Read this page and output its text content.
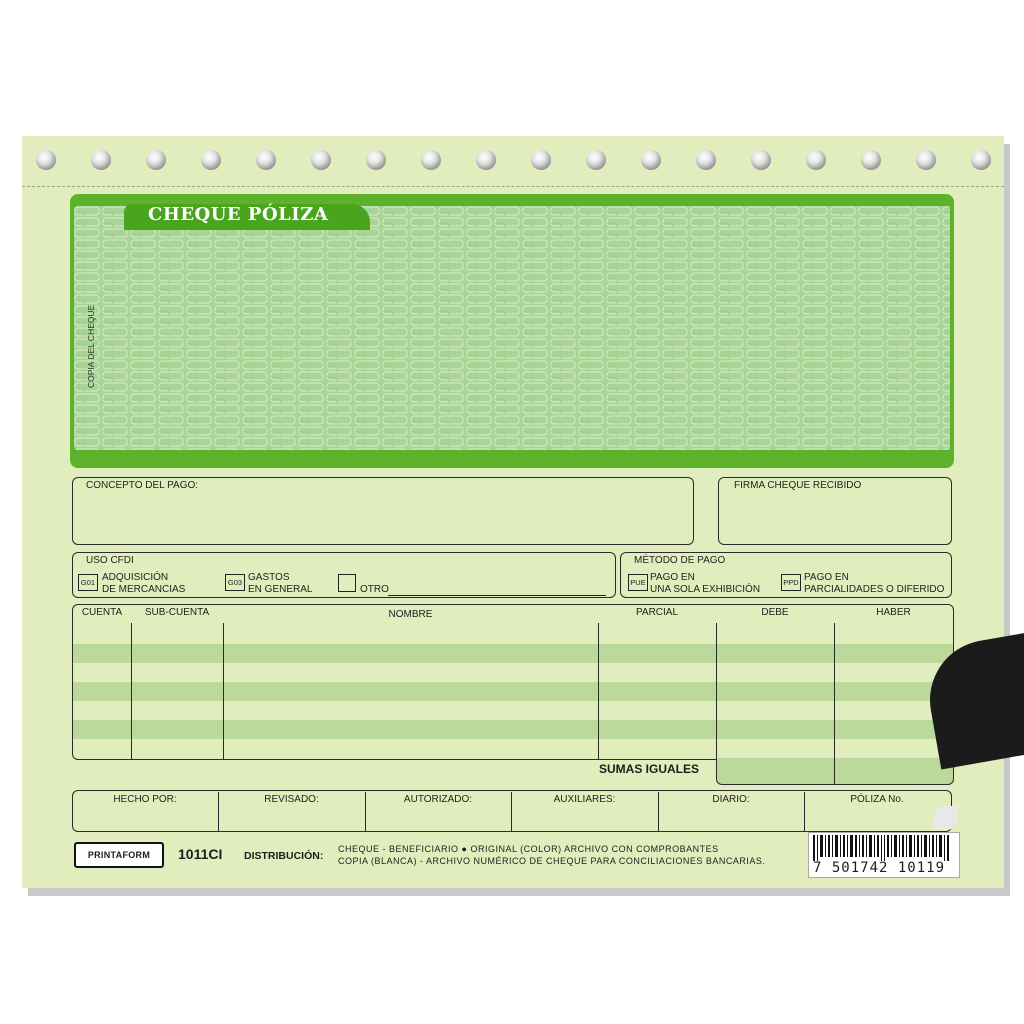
CHEQUE PÓLIZA
COPIA DEL CHEQUE
CONCEPTO DEL PAGO:	FIRMA CHEQUE RECIBIDO
USO CFDI
G01 ADQUISICIÓN
DE MERCANCIAS
G03 GASTOS
EN GENERAL	OTRO
MÉTODO DE PAGO
PUE PAGO EN
UNA SOLA EXHIBICIÓN
PPD PAGO EN
PARCIALIDADES O DIFERIDO
CUENTA	SUB-CUENTA	NOMBRE	PARCIAL	DEBE	HABER
SUMAS IGUALES
HECHO POR:	REVISADO:	AUTORIZADO:	AUXILIARES:	DIARIO:	PÓLIZA No.
PRINTAFORM	1011CI DISTRIBUCIÓN:
CHEQUE - BENEFICIARIO ● ORIGINAL (COLOR) ARCHIVO CON COMPROBANTES
COPIA (BLANCA) - ARCHIVO NUMÉRICO DE CHEQUE PARA CONCILIACIONES BANCARIAS.	7 501742 10119
